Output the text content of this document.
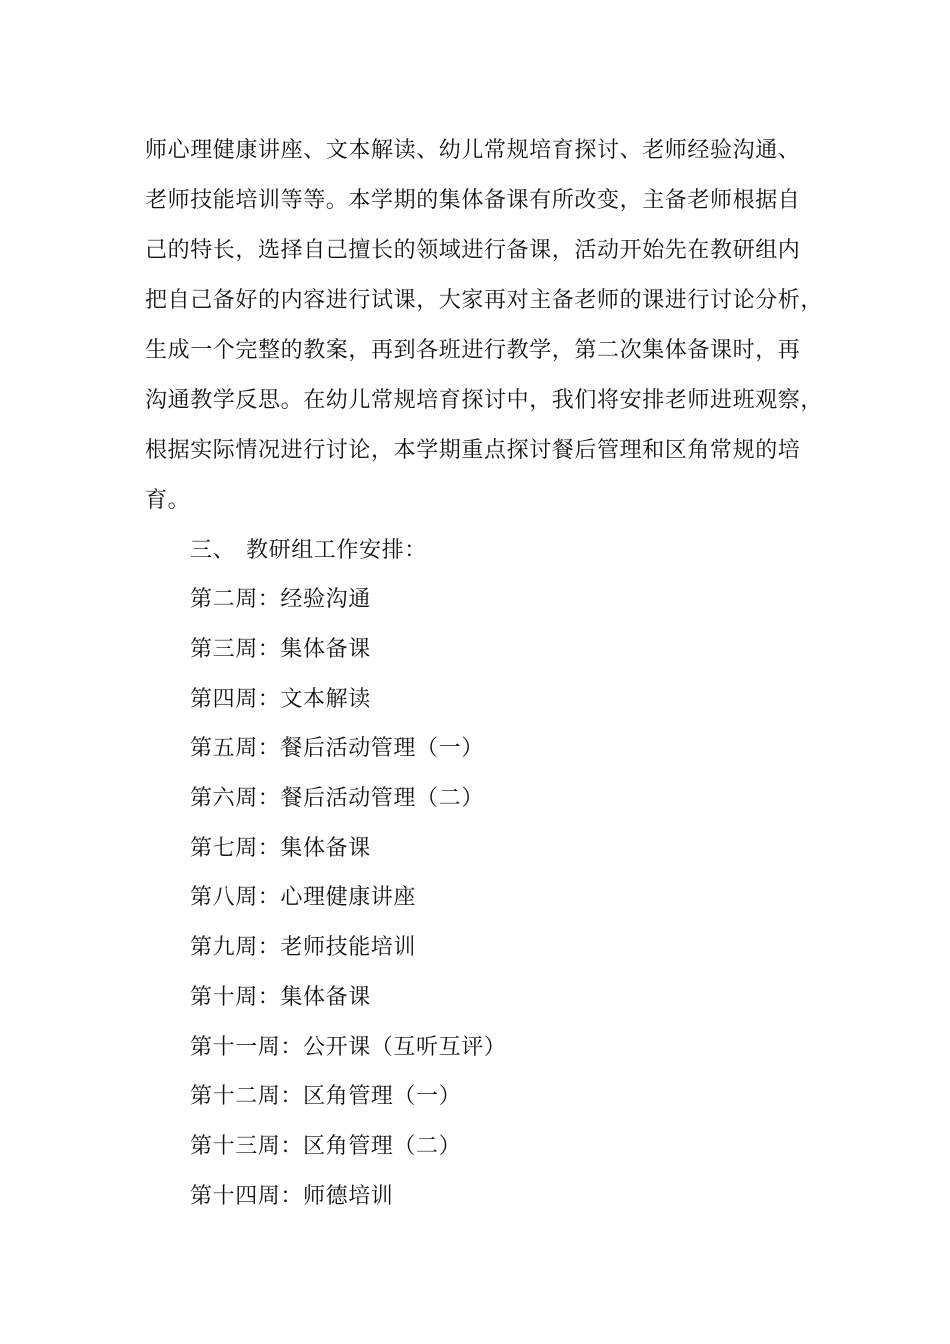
师心理健康讲座、文本解读、幼儿常规培育探讨、老师经验沟通、
老师技能培训等等。本学期的集体备课有所改变，主备老师根据自
己的特长，选择自己擅长的领域进行备课，活动开始先在教研组内
把自己备好的内容进行试课，大家再对主备老师的课进行讨论分析，
生成一个完整的教案，再到各班进行教学，第二次集体备课时，再
沟通教学反思。在幼儿常规培育探讨中，我们将安排老师进班观察，
根据实际情况进行讨论，本学期重点探讨餐后管理和区角常规的培
育。
三、 教研组工作安排：
第二周：经验沟通
第三周：集体备课
第四周：文本解读
第五周：餐后活动管理（一）
第六周：餐后活动管理（二）
第七周：集体备课
第八周：心理健康讲座
第九周：老师技能培训
第十周：集体备课
第十一周：公开课（互听互评）
第十二周：区角管理（一）
第十三周：区角管理（二）
第十四周：师德培训
